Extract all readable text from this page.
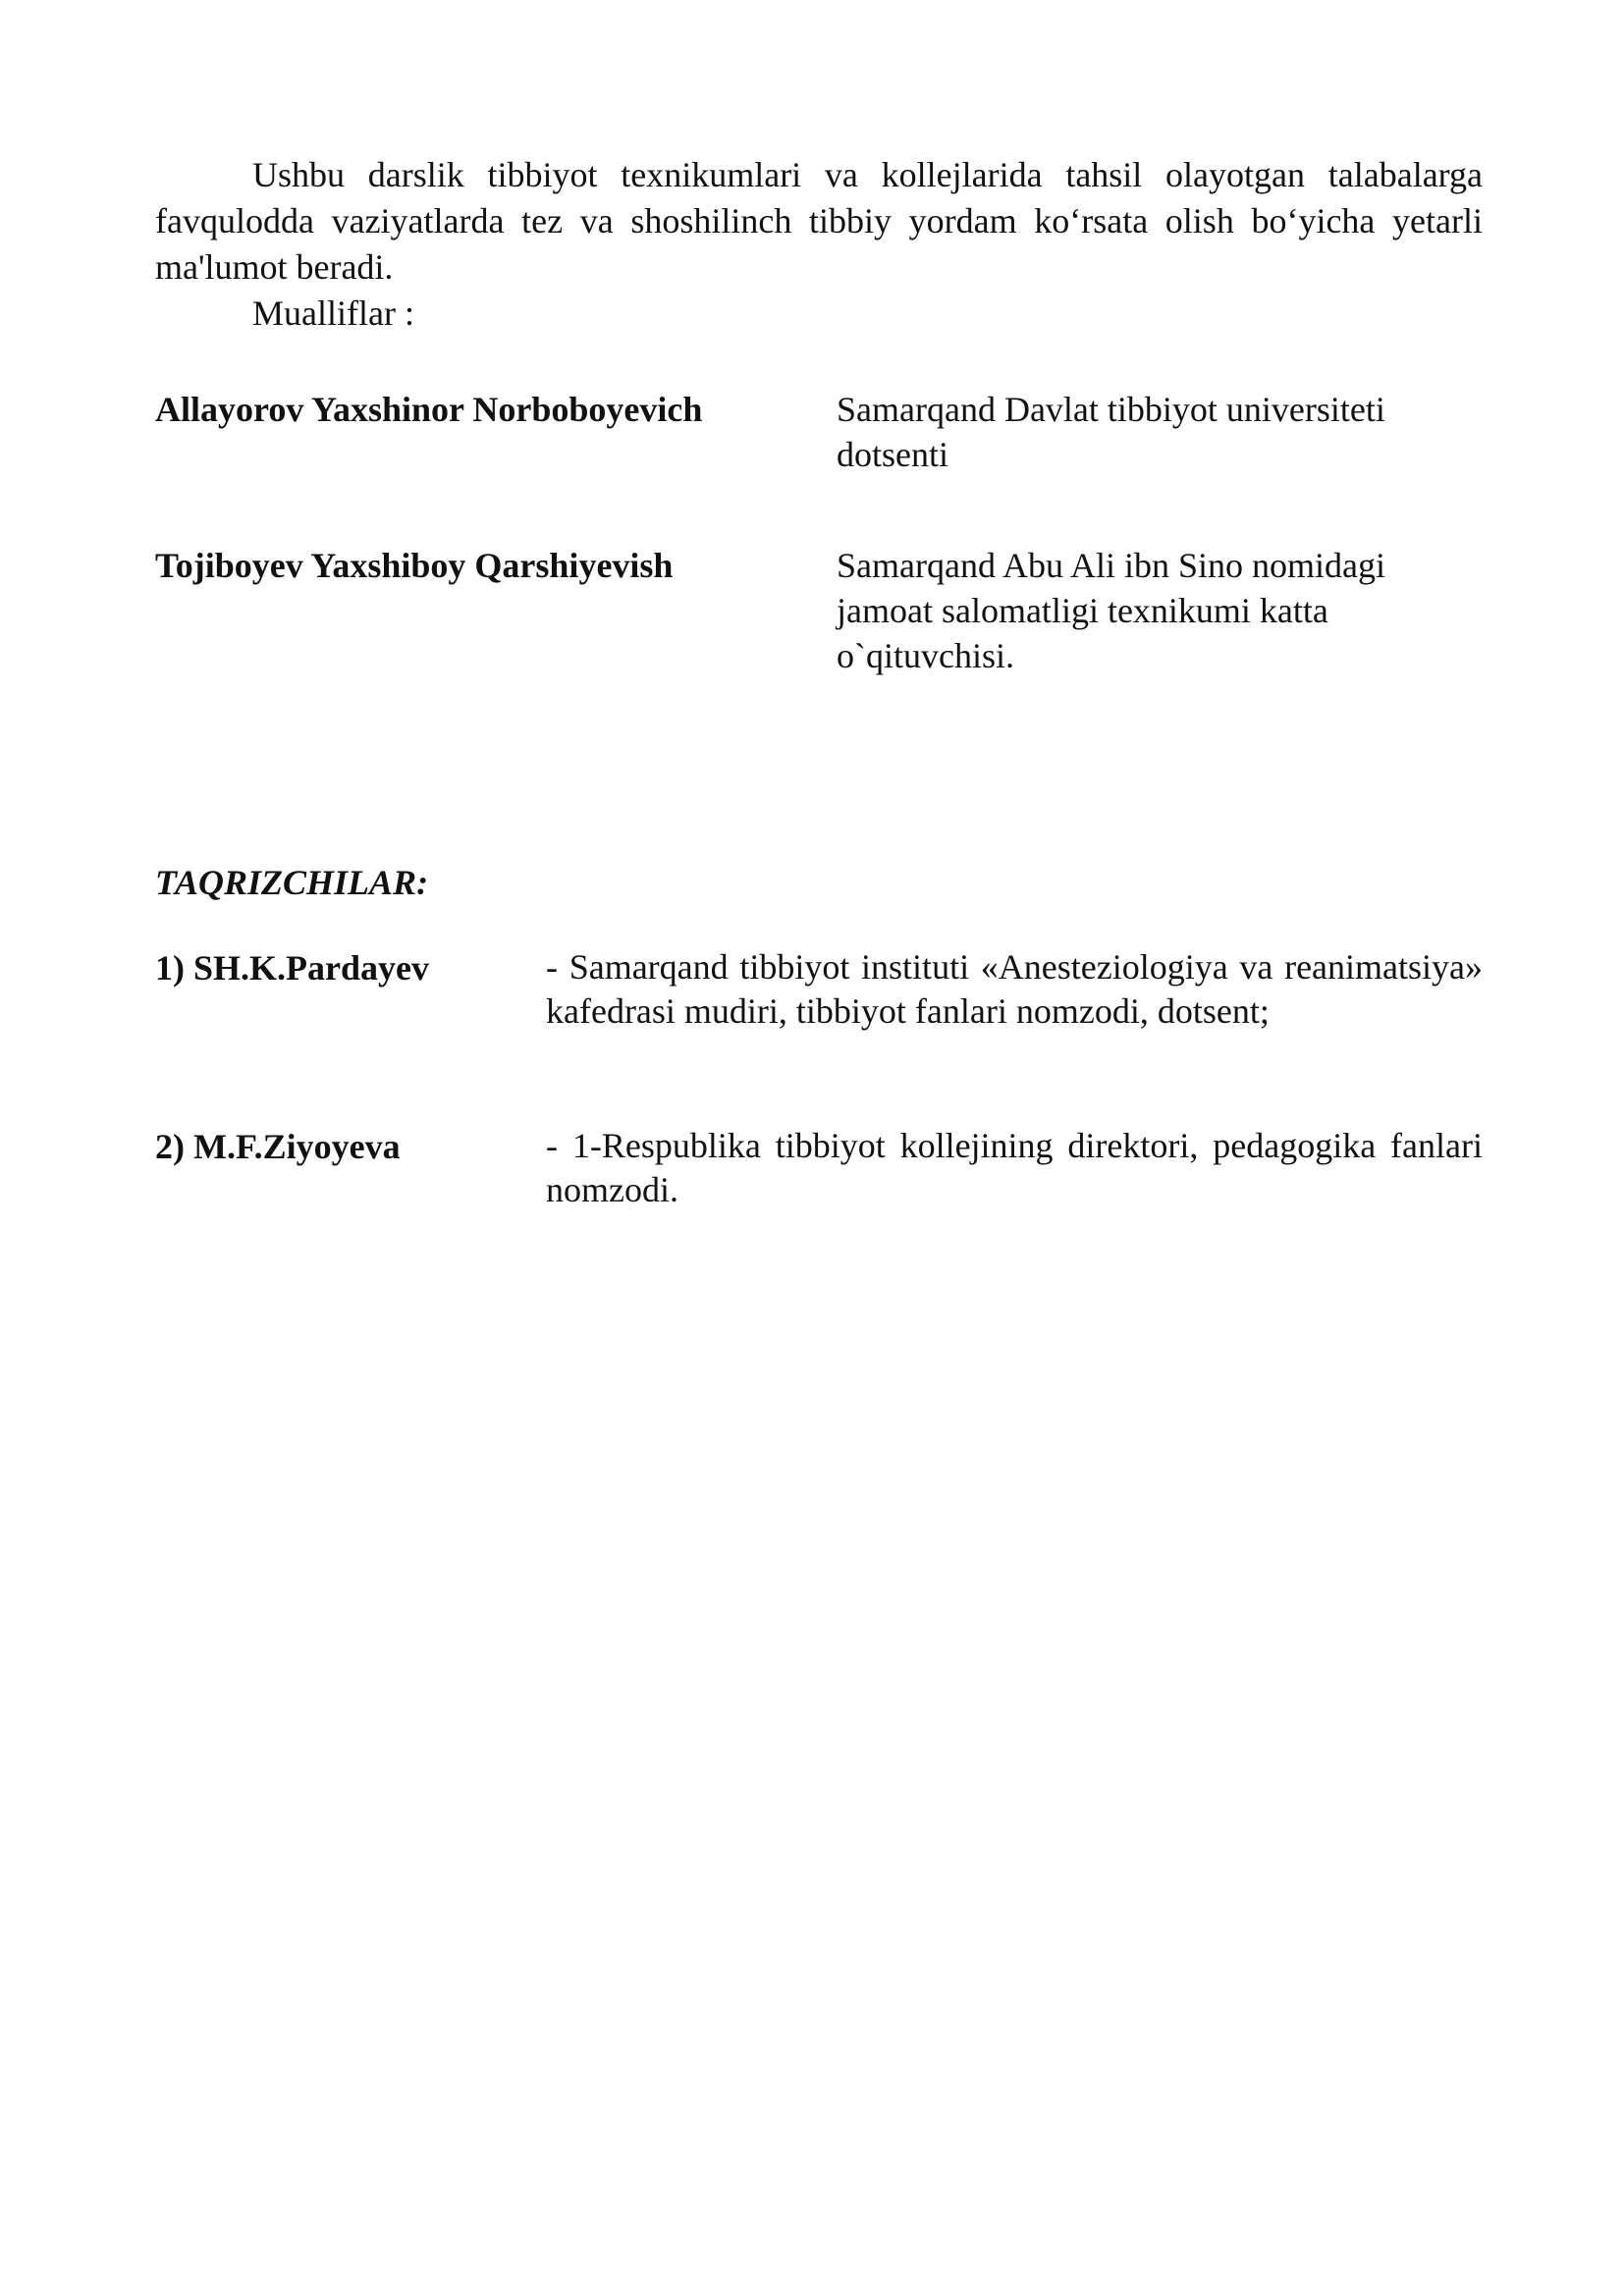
Ushbu darslik tibbiyot texnikumlari va kollejlarida tahsil olayotgan talabalarga favqulodda vaziyatlarda tez va shoshilinch tibbiy yordam ko‘rsata olish bo‘yicha yetarli ma'lumot beradi.

Mualliflar :

Allayorov Yaxshinor Norboboyevich	Samarqand Davlat tibbiyot universiteti dotsenti

Tojiboyev Yaxshiboy Qarshiyevish	Samarqand Abu Ali ibn Sino nomidagi jamoat salomatligi texnikumi katta o`qituvchisi.

TAQRIZCHILAR:

1) SH.K.Pardayev	- Samarqand tibbiyot instituti «Anesteziologiya va reanimatsiya» kafedrasi mudiri, tibbiyot fanlari nomzodi, dotsent;

2) M.F.Ziyoyeva	- 1-Respublika tibbiyot kollejining direktori, pedagogika fanlari nomzodi.
